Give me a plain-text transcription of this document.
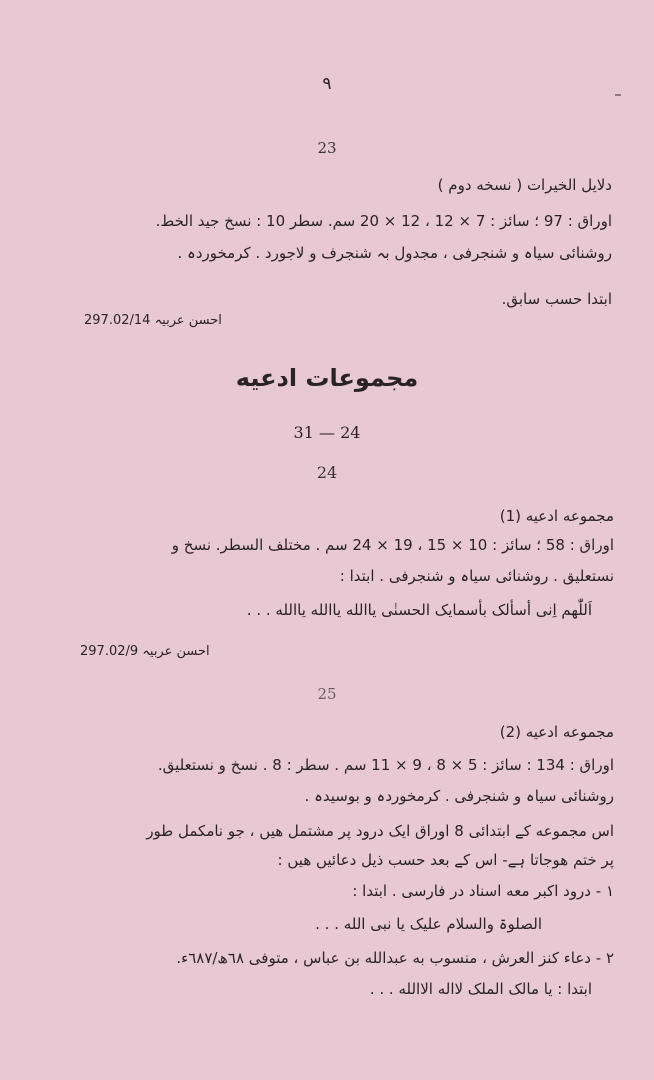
۹
23
دلایل الخیرات ( نسخه دوم )
اوراق : 97 ؛ سائز : 7 × 12 ، 12 × 20 سم. سطر 10 : نسخ جید الخط.
روشنائی سیاہ و شنجرفی ، مجدول بہ شنجرف و لاجورد . کرمخوردہ .
ابتدا حسب سابق.
احسن عربیہ 297.02/14
مجموعات ادعیه
31 — 24
24
مجموعه ادعیه (1)
اوراق : 58 ؛ سائز : 10 × 15 ، 19 × 24 سم . مختلف السطر. نسخ و
نستعلیق . روشنائی سیاہ و شنجرفی . ابتدا :
اَللّٰهم اِنی أسألک بأسمایک الحسنٰی یاالله یاالله یاالله . . .
احسن عربیہ 297.02/9
25
مجموعه ادعیه (2)
اوراق : 134 : سائز : 5 × 8 ، 9 × 11 سم . سطر : 8 . نسخ و نستعلیق.
روشنائی سیاہ و شنجرفی . کرمخوردہ و بوسیدہ .
اس مجموعه کے ابتدائی 8 اوراق ایک درود پر مشتمل ھیں ، جو نامکمل طور
پر ختم ھوجاتا ہے- اس کے بعد حسب ذیل دعائیں ھیں :
١ - درود اکبر معه اسناد در فارسی . ابتدا :
الصلوۃ والسلام علیک یا نبی الله . . .
٢ - دعاء کنز العرش ، منسوب به عبدالله بن عباس ، متوفی ٦٨ھ/٦٨٧ء.
ابتدا : یا مالک الملک لااله الاالله . . .
